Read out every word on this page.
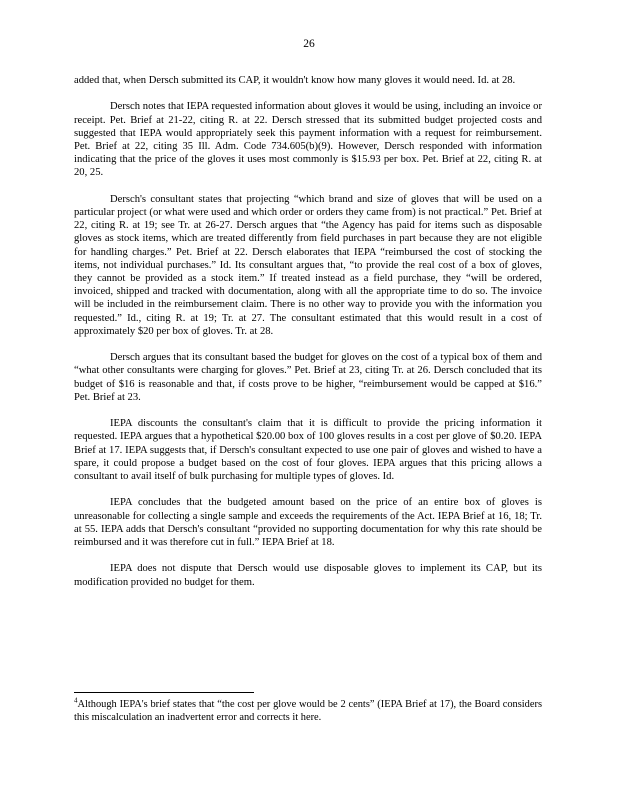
26

added that, when Dersch submitted its CAP, it wouldn't know how many gloves it would need. Id. at 28.

Dersch notes that IEPA requested information about gloves it would be using, including an invoice or receipt. Pet. Brief at 21-22, citing R. at 22. Dersch stressed that its submitted budget projected costs and suggested that IEPA would appropriately seek this payment information with a request for reimbursement. Pet. Brief at 22, citing 35 Ill. Adm. Code 734.605(b)(9). However, Dersch responded with information indicating that the price of the gloves it uses most commonly is $15.93 per box. Pet. Brief at 22, citing R. at 20, 25.

Dersch's consultant states that projecting “which brand and size of gloves that will be used on a particular project (or what were used and which order or orders they came from) is not practical.” Pet. Brief at 22, citing R. at 19; see Tr. at 26-27. Dersch argues that “the Agency has paid for items such as disposable gloves as stock items, which are treated differently from field purchases in part because they are not eligible for handling charges.” Pet. Brief at 22. Dersch elaborates that IEPA “reimbursed the cost of stocking the items, not individual purchases.” Id. Its consultant argues that, “to provide the real cost of a box of gloves, they cannot be provided as a stock item.” If treated instead as a field purchase, they “will be ordered, invoiced, shipped and tracked with documentation, along with all the appropriate time to do so. The invoice will be included in the reimbursement claim. There is no other way to provide you with the information you requested.” Id., citing R. at 19; Tr. at 27. The consultant estimated that this would result in a cost of approximately $20 per box of gloves. Tr. at 28.

Dersch argues that its consultant based the budget for gloves on the cost of a typical box of them and “what other consultants were charging for gloves.” Pet. Brief at 23, citing Tr. at 26. Dersch concluded that its budget of $16 is reasonable and that, if costs prove to be higher, “reimbursement would be capped at $16.” Pet. Brief at 23.

IEPA discounts the consultant's claim that it is difficult to provide the pricing information it requested. IEPA argues that a hypothetical $20.00 box of 100 gloves results in a cost per glove of $0.20. IEPA Brief at 17. IEPA suggests that, if Dersch's consultant expected to use one pair of gloves and wished to have a spare, it could propose a budget based on the cost of four gloves. IEPA argues that this pricing allows a consultant to avail itself of bulk purchasing for multiple types of gloves. Id.

IEPA concludes that the budgeted amount based on the price of an entire box of gloves is unreasonable for collecting a single sample and exceeds the requirements of the Act. IEPA Brief at 16, 18; Tr. at 55. IEPA adds that Dersch's consultant “provided no supporting documentation for why this rate should be reimbursed and it was therefore cut in full.” IEPA Brief at 18.

IEPA does not dispute that Dersch would use disposable gloves to implement its CAP, but its modification provided no budget for them.

$^4$Although IEPA's brief states that “the cost per glove would be 2 cents” (IEPA Brief at 17), the Board considers this miscalculation an inadvertent error and corrects it here.
